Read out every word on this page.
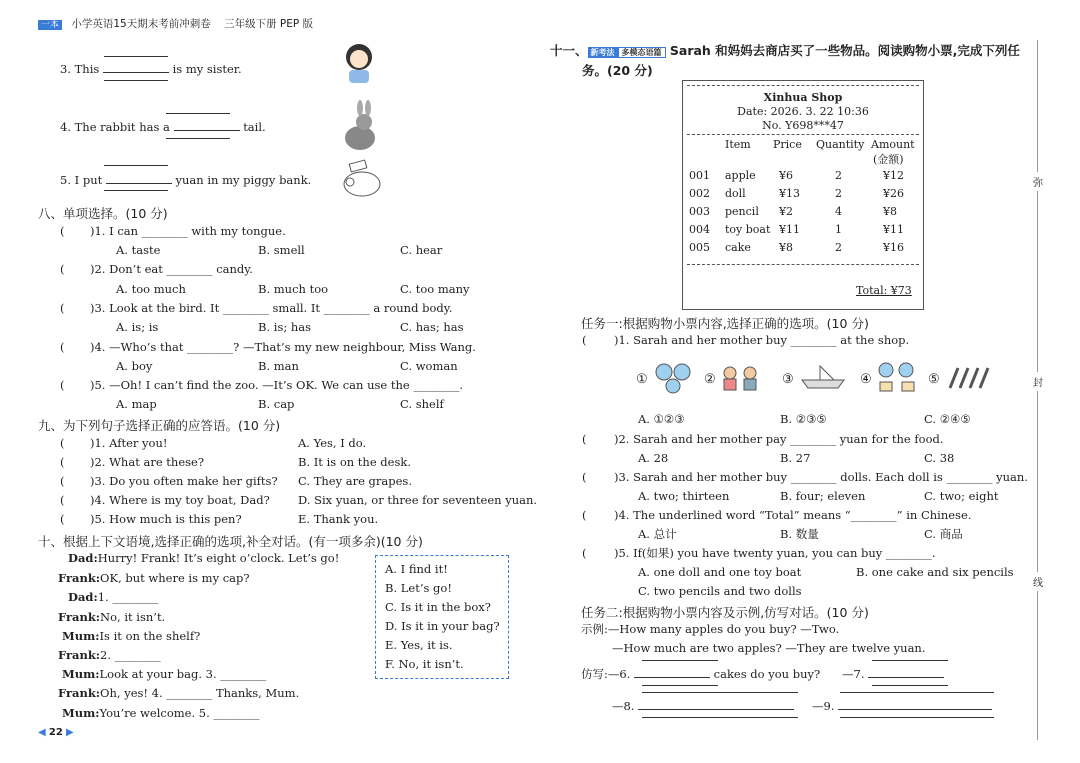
一本 小学英语15天期末考前冲刺卷 三年级下册 PEP 版
3. This	is my sister.
4. The rabbit has a	tail.
5. I put	yuan in my piggy bank.
八、单项选择。(10 分)
( )1. I can ________ with my tongue.
A. taste	B. smell	C. hear
( )2. Don’t eat ________ candy.
A. too much	B. much too	C. too many
( )3. Look at the bird. It ________ small. It ________ a round body.
A. is; is	B. is; has	C. has; has
( )4. —Who’s that ________? —That’s my new neighbour, Miss Wang.
A. boy	B. man	C. woman
( )5. —Oh! I can’t find the zoo. —It’s OK. We can use the ________.
A. map	B. cap	C. shelf
九、为下列句子选择正确的应答语。(10 分)
( )1. After you!	A. Yes, I do.
( )2. What are these?	B. It is on the desk.
( )3. Do you often make her gifts? C. They are grapes.
( )4. Where is my toy boat, Dad? D. Six yuan, or three for seventeen yuan.
( )5. How much is this pen?	E. Thank you.
十、根据上下文语境,选择正确的选项,补全对话。(有一项多余)(10 分)
Dad:Hurry! Frank! It’s eight o’clock. Let’s go!
Frank:OK, but where is my cap?
Dad:1. ________
Frank:No, it isn’t.
Mum:Is it on the shelf?
Frank:2. ________
Mum:Look at your bag. 3. ________
Frank:Oh, yes! 4. ________ Thanks, Mum.
Mum:You’re welcome. 5. ________
A. I find it!
B. Let’s go!
C. Is it in the box?
D. Is it in your bag?
E. Yes, it is.
F. No, it isn’t.
◀ 22 ▶
十一、 新考法 多模态语篇 Sarah 和妈妈去商店买了一些物品。阅读购物小票,完成下列任
务。(20 分)
Xinhua Shop
Date: 2026. 3. 22 10:36
No. Y698***47
Item Price Quantity Amount
(金额)
001 apple ¥6	2	¥12
002 doll	¥13	2	¥26
003 pencil ¥2	4	¥8
004 toy boat ¥11	1	¥11
005 cake	¥8	2	¥16
Total: ¥73
任务一:根据购物小票内容,选择正确的选项。(10 分)
( )1. Sarah and her mother buy ________ at the shop.
①	②	③	④	⑤
A. ①②③	B. ②③⑤	C. ②④⑤
( )2. Sarah and her mother pay ________ yuan for the food.
A. 28	B. 27	C. 38
( )3. Sarah and her mother buy ________ dolls. Each doll is ________ yuan.
A. two; thirteen	B. four; eleven	C. two; eight
( )4. The underlined word “Total” means “________” in Chinese.
A. 总计	B. 数量	C. 商品
( )5. If(如果) you have twenty yuan, you can buy ________.
A. one doll and one toy boat	B. one cake and six pencils
C. two pencils and two dolls
任务二:根据购物小票内容及示例,仿写对话。(10 分)
示例:—How many apples do you buy? —Two.
—How much are two apples? —They are twelve yuan.
仿写:—6.	cakes do you buy? —7.
—8.	—9.
弥
封
线
